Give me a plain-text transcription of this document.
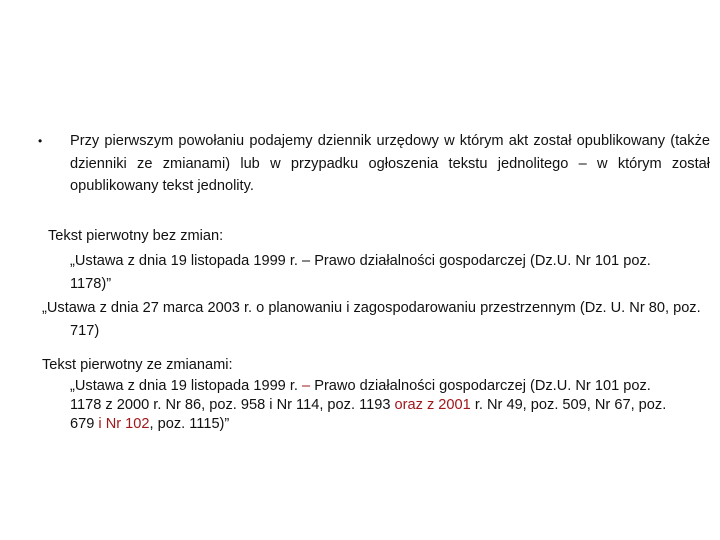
• Przy pierwszym powołaniu podajemy dziennik urzędowy w którym akt został opublikowany (także dzienniki ze zmianami) lub w przypadku ogłoszenia tekstu jednolitego – w którym został opublikowany tekst jednolity.
Tekst pierwotny bez zmian:
„Ustawa z dnia 19 listopada 1999 r. – Prawo działalności gospodarczej (Dz.U. Nr 101 poz. 1178)”
„Ustawa z dnia 27 marca 2003 r. o planowaniu i zagospodarowaniu przestrzennym (Dz. U. Nr 80, poz. 717)
Tekst pierwotny ze zmianami:
„Ustawa z dnia 19 listopada 1999 r. – Prawo działalności gospodarczej (Dz.U. Nr 101 poz. 1178 z 2000 r. Nr 86, poz. 958 i Nr 114, poz. 1193 oraz z 2001 r. Nr 49, poz. 509, Nr 67, poz. 679 i Nr 102, poz. 1115)”
